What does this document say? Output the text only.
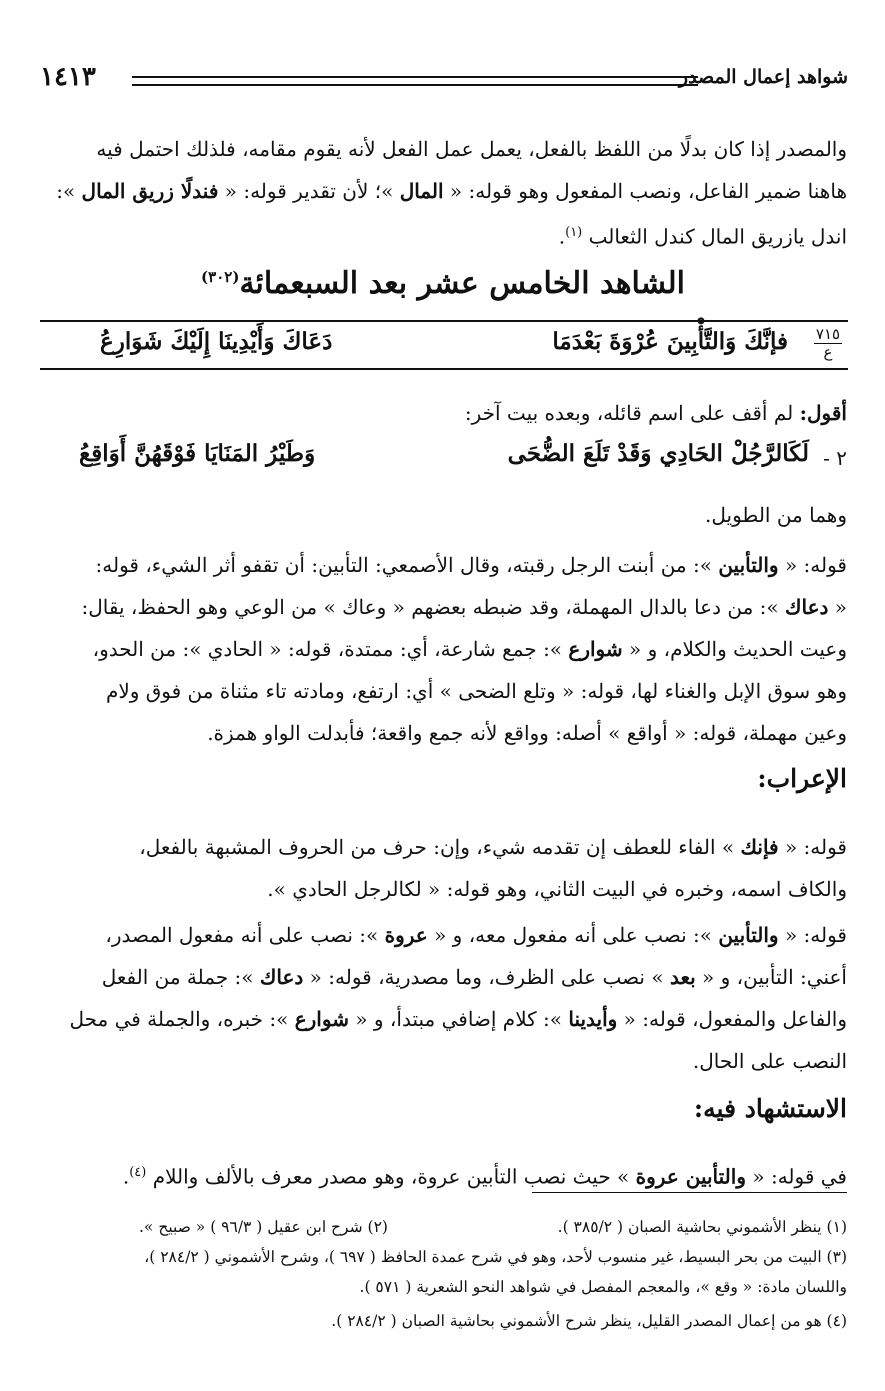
١٤١٣	شواهد إعمال المصدر
والمصدر إذا كان بدلًا من اللفظ بالفعل، يعمل عمل الفعل لأنه يقوم مقامه، فلذلك احتمل فيه
هاهنا ضمير الفاعل، ونصب المفعول وهو قوله: « المال »؛ لأن تقدير قوله: « فندلًا زريق المال »:
اندل يازريق المال كندل الثعالب $^{(١)}$.
الشاهد الخامس عشر بعد السبعمائة$^{(٣٠٢)}$
٧١٥
ع
فإنَّكَ وَالتَّأْبِينَ عُرْوَةَ بَعْدَمَا
دَعَاكَ وَأَيْدِينَا إِلَيْكَ شَوَارِعُ
أقول: لم أقف على اسم قائله، وبعده بيت آخر:
٢ -
لَكَالرَّجُلْ الحَادِي وَقَدْ تَلَعَ الضُّحَى
وَطَيْرُ المَنَايَا فَوْقَهُنَّ أَوَاقِعُ
وهما من الطويل.
قوله: « والتأبين »: من أبنت الرجل رقبته، وقال الأصمعي: التأبين: أن تقفو أثر الشيء، قوله:
« دعاك »: من دعا بالدال المهملة، وقد ضبطه بعضهم « وعاك » من الوعي وهو الحفظ، يقال:
وعيت الحديث والكلام، و « شوارع »: جمع شارعة، أي: ممتدة، قوله: « الحادي »: من الحدو،
وهو سوق الإبل والغناء لها، قوله: « وتلع الضحى » أي: ارتفع، ومادته تاء مثناة من فوق ولام
وعين مهملة، قوله: « أواقع » أصله: وواقع لأنه جمع واقعة؛ فأبدلت الواو همزة.
الإعراب:
قوله: « فإنك » الفاء للعطف إن تقدمه شيء، وإن: حرف من الحروف المشبهة بالفعل،
والكاف اسمه، وخبره في البيت الثاني، وهو قوله: « لكالرجل الحادي ».
قوله: « والتأبين »: نصب على أنه مفعول معه، و « عروة »: نصب على أنه مفعول المصدر،
أعني: التأبين، و « بعد » نصب على الظرف، وما مصدرية، قوله: « دعاك »: جملة من الفعل
والفاعل والمفعول، قوله: « وأيدينا »: كلام إضافي مبتدأ، و « شوارع »: خبره، والجملة في محل
النصب على الحال.
الاستشهاد فيه:
في قوله: « والتأبين عروة » حيث نصب التأبين عروة، وهو مصدر معرف بالألف واللام $^{(٤)}$.
(١) ينظر الأشموني بحاشية الصبان ( ٣٨٥/٢ ).
(٢) شرح ابن عقيل ( ٩٦/٣ ) « صبيح ».
(٣) البيت من بحر البسيط، غير منسوب لأحد، وهو في شرح عمدة الحافظ ( ٦٩٧ )، وشرح الأشموني ( ٢٨٤/٢ )،
واللسان مادة: « وقع »، والمعجم المفصل في شواهد النحو الشعرية ( ٥٧١ ).
(٤) هو من إعمال المصدر القليل، ينظر شرح الأشموني بحاشية الصبان ( ٢٨٤/٢ ).
